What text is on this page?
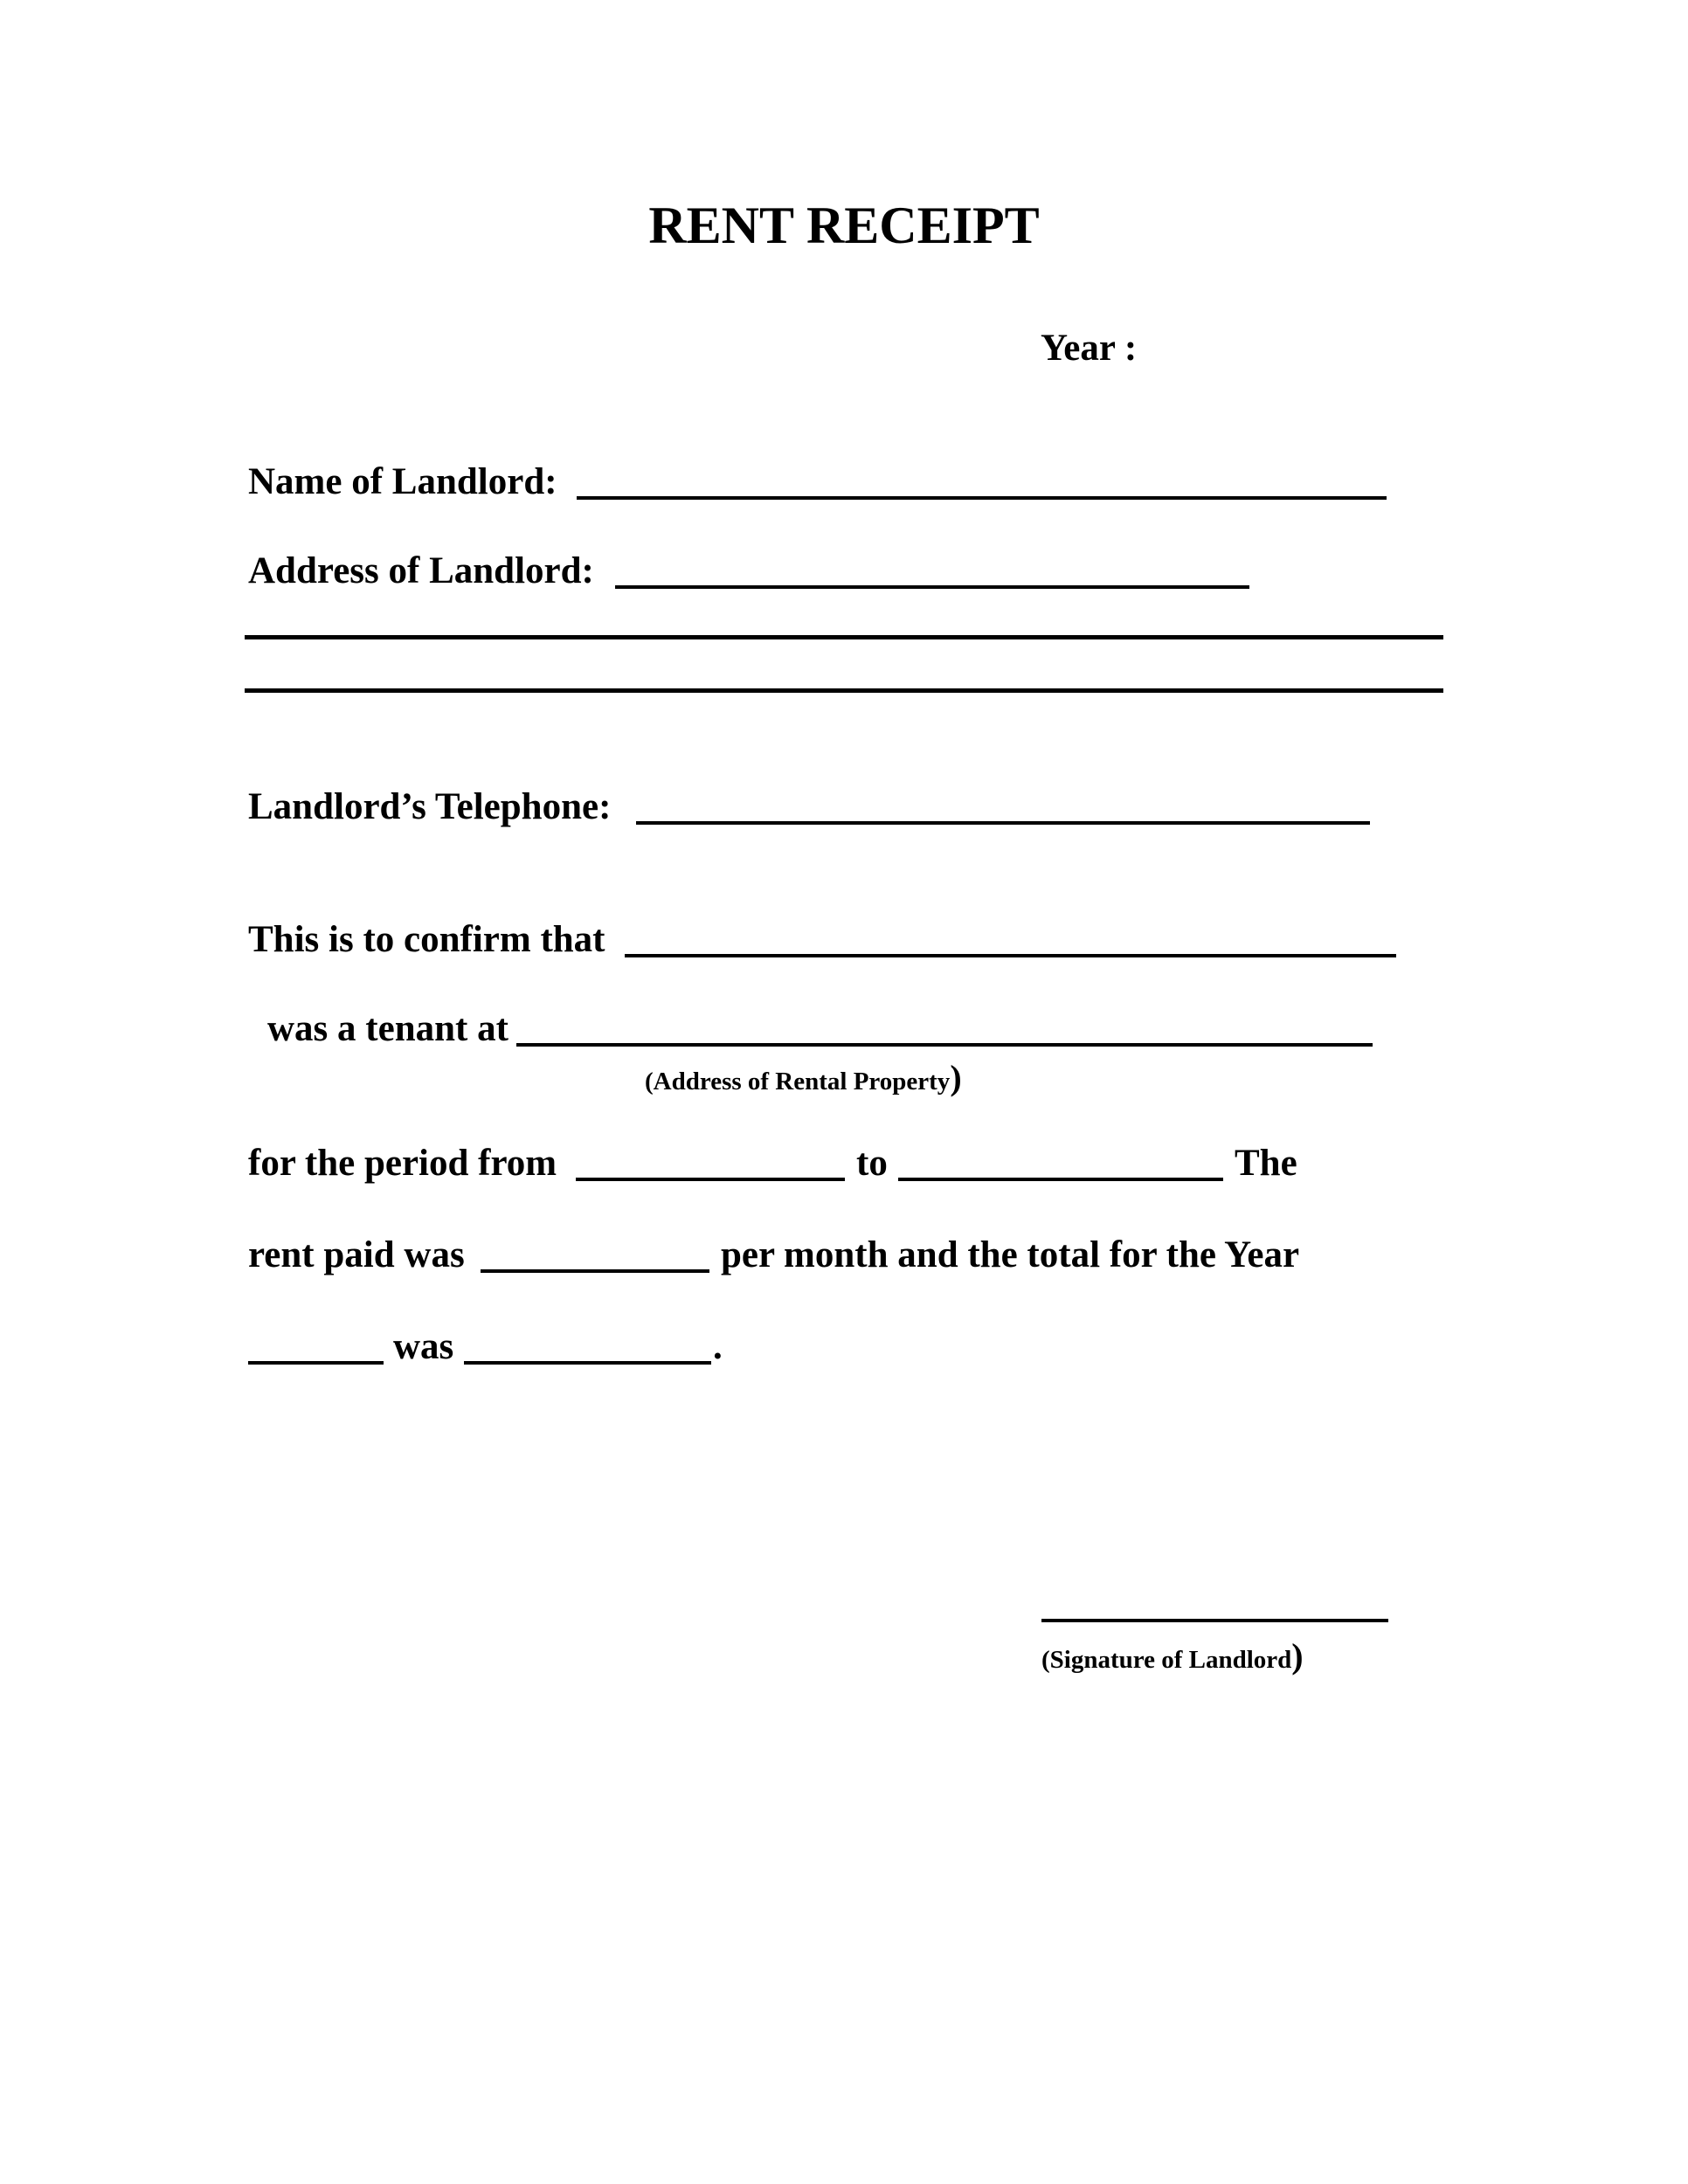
RENT RECEIPT
Year :
Name of Landlord:
Address of Landlord:
Landlord’s Telephone:
This is to confirm that
was a tenant at
(Address of Rental Property)
for the period from	to	The
rent paid was	per month and the total for the Year
was	.
(Signature of Landlord)
